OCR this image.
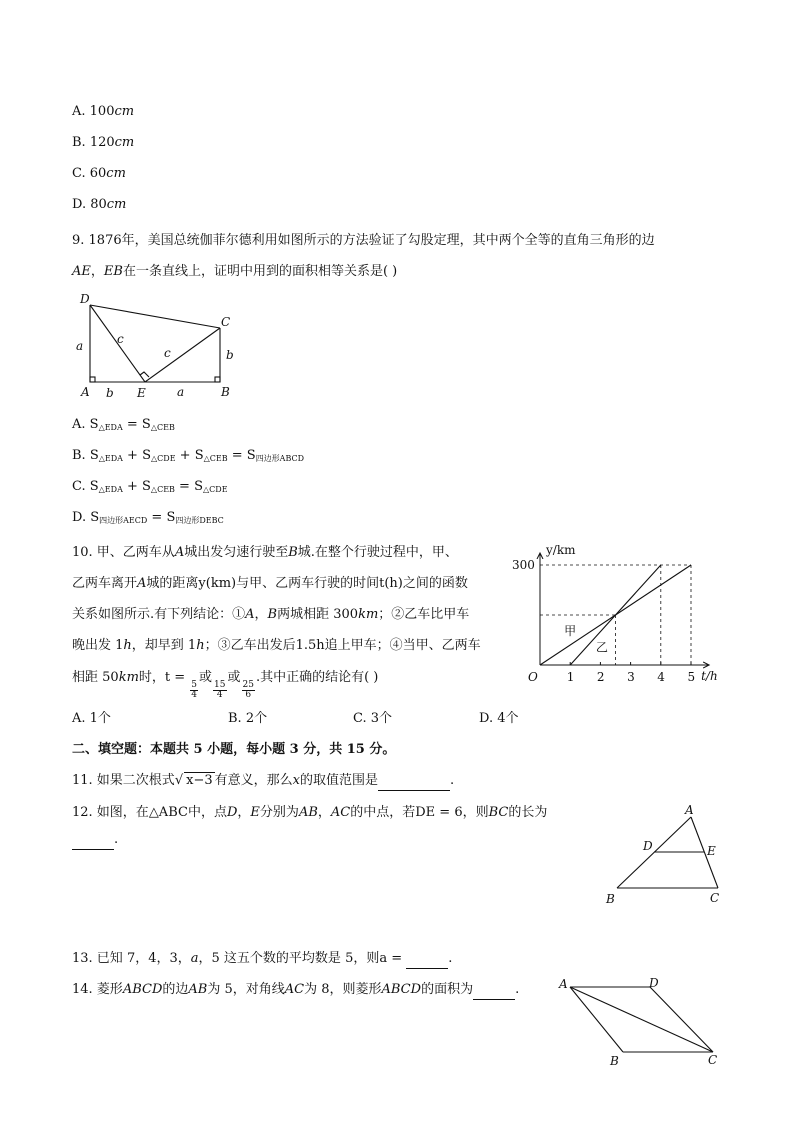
A. 100cm
B. 120cm
C. 60cm
D. 80cm
9. 1876年，美国总统伽菲尔德利用如图所示的方法验证了勾股定理，其中两个全等的直角三角形的边
AE，EB在一条直线上，证明中用到的面积相等关系是( )
D
C
A	B
E
a
b
c
c
b	a
A. $S_{\triangle EDA} = S_{\triangle CEB}$
B. $S_{\triangle EDA} + S_{\triangle CDE} + S_{\triangle CEB} = S_{四边形ABCD}$
C. $S_{\triangle EDA} + S_{\triangle CEB} = S_{\triangle CDE}$
D. $S_{四边形AECD} = S_{四边形DEBC}$
10. 甲、乙两车从A城出发匀速行驶至B城.在整个行驶过程中，甲、
乙两车离开A城的距离y(km)与甲、乙两车行驶的时间t(h)之间的函数
关系如图所示.有下列结论：①A，B两城相距 300km；②乙车比甲车
晚出发 1h，却早到 1h；③乙车出发后1.5h追上甲车；④当甲、乙两车
相距 50km时，t =
$\frac{5}{4}$
或
$\frac{15}{4}$
或
$\frac{25}{6}$
.其中正确的结论有( )	t/h
y/km
O 1 2 3 4 5
300
甲
乙
A. 1个	B. 2个	C. 3个	D. 4个
二、填空题：本题共 5 小题，每小题 3 分，共 15 分。
11. 如果二次根式√ x−3 有意义，那么x的取值范围是	.
12. 如图，在△ABC中，点D，E分别为AB，AC的中点，若DE = 6，则BC的长为
.
A
D	E
B	C
13. 已知 7，4，3，a，5 这五个数的平均数是 5，则a =	.
14. 菱形ABCD的边AB为 5，对角线AC为 8，则菱形ABCD的面积为	.	A	D
B	C
